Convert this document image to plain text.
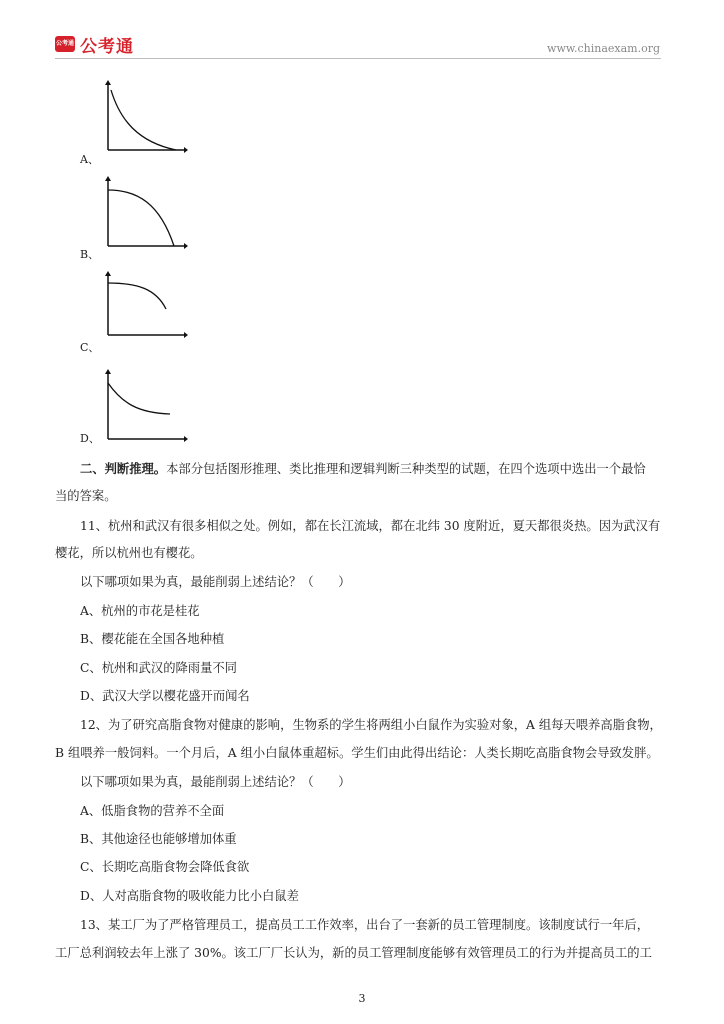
公考通 公考通	www.chinaexam.org
A、
B、
C、
D、
二、判断推理。本部分包括图形推理、类比推理和逻辑判断三种类型的试题，在四个选项中选出一个最恰
当的答案。
11、杭州和武汉有很多相似之处。例如，都在长江流域，都在北纬 30 度附近，夏天都很炎热。因为武汉有
樱花，所以杭州也有樱花。
以下哪项如果为真，最能削弱上述结论？（　　）
A、杭州的市花是桂花
B、樱花能在全国各地种植
C、杭州和武汉的降雨量不同
D、武汉大学以樱花盛开而闻名
12、为了研究高脂食物对健康的影响，生物系的学生将两组小白鼠作为实验对象，A 组每天喂养高脂食物，
B 组喂养一般饲料。一个月后，A 组小白鼠体重超标。学生们由此得出结论：人类长期吃高脂食物会导致发胖。
以下哪项如果为真，最能削弱上述结论？（　　）
A、低脂食物的营养不全面
B、其他途径也能够增加体重
C、长期吃高脂食物会降低食欲
D、人对高脂食物的吸收能力比小白鼠差
13、某工厂为了严格管理员工，提高员工工作效率，出台了一套新的员工管理制度。该制度试行一年后，
工厂总利润较去年上涨了 30%。该工厂厂长认为，新的员工管理制度能够有效管理员工的行为并提高员工的工
3
